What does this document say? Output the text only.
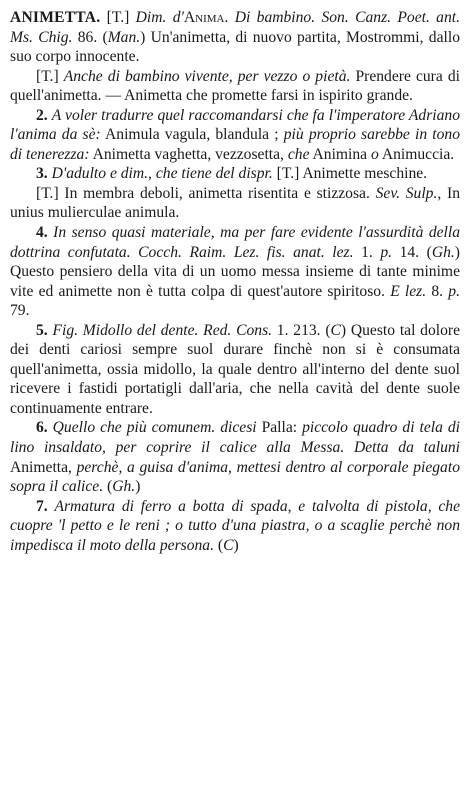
ANIMETTA. [T.] Dim. d'Anima. Di bambino. Son. Canz. Poet. ant. Ms. Chig. 86. (Man.) Un'animetta, di nuovo partita, Mostrommi, dallo suo corpo innocente.

[T.] Anche di bambino vivente, per vezzo o pietà. Prendere cura di quell'animetta. — Animetta che promette farsi in ispirito grande.

2. A voler tradurre quel raccomandarsi che fa l'imperatore Adriano l'anima da sè: Animula vagula, blandula ; più proprio sarebbe in tono di tenerezza: Animetta vaghetta, vezzosetta, che Animina o Animuccia.

3. D'adulto e dim., che tiene del dispr. [T.] Animette meschine.

[T.] In membra deboli, animetta risentita e stizzosa. Sev. Sulp., In unius mulierculae animula.

4. In senso quasi materiale, ma per fare evidente l'assurdità della dottrina confutata. Cocch. Raim. Lez. fis. anat. lez. 1. p. 14. (Gh.) Questo pensiero della vita di un uomo messa insieme di tante minime vite ed animette non è tutta colpa di quest'autore spiritoso. E lez. 8. p. 79.

5. Fig. Midollo del dente. Red. Cons. 1. 213. (C) Questo tal dolore dei denti cariosi sempre suol durare finchè non si è consumata quell'animetta, ossia midollo, la quale dentro all'interno del dente suol ricevere i fastidi portatigli dall'aria, che nella cavità del dente suole continuamente entrare.

6. Quello che più comunem. dicesi Palla: piccolo quadro di tela di lino insaldato, per coprire il calice alla Messa. Detta da taluni Animetta, perchè, a guisa d'anima, mettesi dentro al corporale piegato sopra il calice. (Gh.)

7. Armatura di ferro a botta di spada, e talvolta di pistola, che cuopre 'l petto e le reni ; o tutto d'una piastra, o a scaglie perchè non impedisca il moto della persona. (C)
